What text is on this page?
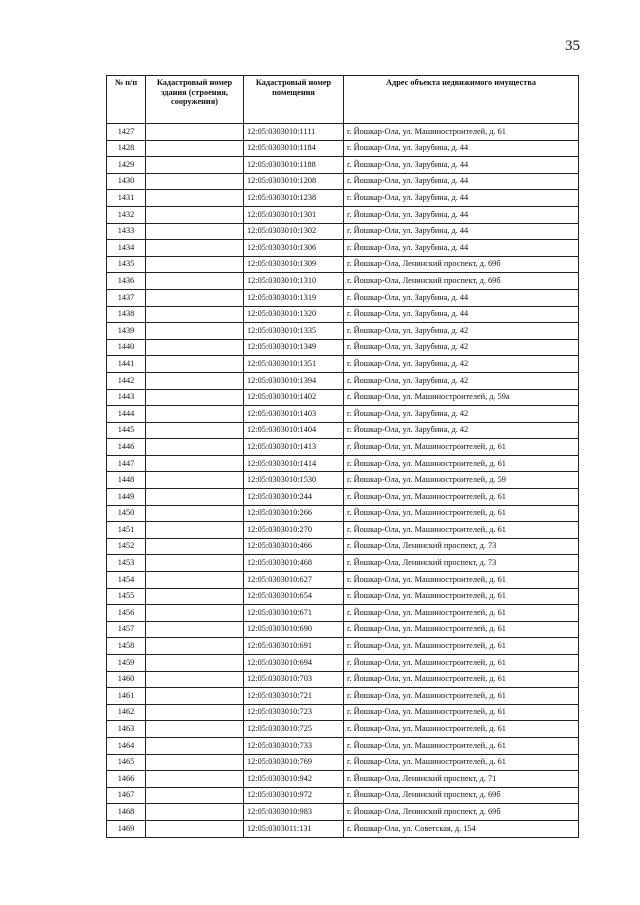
35
№ п/п	Кадастровый номер здания (строения, сооружения)	Кадастровый номер помещения	Адрес объекта недвижимого имущества
1427		12:05:0303010:1111	г. Йошкар-Ола, ул. Машиностроителей, д. 61
1428		12:05:0303010:1184	г. Йошкар-Ола, ул. Зарубина, д. 44
1429		12:05:0303010:1188	г. Йошкар-Ола, ул. Зарубина, д. 44
1430		12:05:0303010:1208	г. Йошкар-Ола, ул. Зарубина, д. 44
1431		12:05:0303010:1238	г. Йошкар-Ола, ул. Зарубина, д. 44
1432		12:05:0303010:1301	г. Йошкар-Ола, ул. Зарубина, д. 44
1433		12:05:0303010:1302	г. Йошкар-Ола, ул. Зарубина, д. 44
1434		12:05:0303010:1306	г. Йошкар-Ола, ул. Зарубина, д. 44
1435		12:05:0303010:1309	г. Йошкар-Ола, Ленинский проспект, д. 69б
1436		12:05:0303010:1310	г. Йошкар-Ола, Ленинский проспект, д. 69б
1437		12:05:0303010:1319	г. Йошкар-Ола, ул. Зарубина, д. 44
1438		12:05:0303010:1320	г. Йошкар-Ола, ул. Зарубина, д. 44
1439		12:05:0303010:1335	г. Йошкар-Ола, ул. Зарубина, д. 42
1440		12:05:0303010:1349	г. Йошкар-Ола, ул. Зарубина, д. 42
1441		12:05:0303010:1351	г. Йошкар-Ола, ул. Зарубина, д. 42
1442		12:05:0303010:1394	г. Йошкар-Ола, ул. Зарубина, д. 42
1443		12:05:0303010:1402	г. Йошкар-Ола, ул. Машиностроителей, д. 59а
1444		12:05:0303010:1403	г. Йошкар-Ола, ул. Зарубина, д. 42
1445		12:05:0303010:1404	г. Йошкар-Ола, ул. Зарубина, д. 42
1446		12:05:0303010:1413	г. Йошкар-Ола, ул. Машиностроителей, д. 61
1447		12:05:0303010:1414	г. Йошкар-Ола, ул. Машиностроителей, д. 61
1448		12:05:0303010:1530	г. Йошкар-Ола, ул. Машиностроителей, д. 59
1449		12:05:0303010:244	г. Йошкар-Ола, ул. Машиностроителей, д. 61
1450		12:05:0303010:266	г. Йошкар-Ола, ул. Машиностроителей, д. 61
1451		12:05:0303010:270	г. Йошкар-Ола, ул. Машиностроителей, д. 61
1452		12:05:0303010:466	г. Йошкар-Ола, Ленинский проспект, д. 73
1453		12:05:0303010:468	г. Йошкар-Ола, Ленинский проспект, д. 73
1454		12:05:0303010:627	г. Йошкар-Ола, ул. Машиностроителей, д. 61
1455		12:05:0303010:654	г. Йошкар-Ола, ул. Машиностроителей, д. 61
1456		12:05:0303010:671	г. Йошкар-Ола, ул. Машиностроителей, д. 61
1457		12:05:0303010:690	г. Йошкар-Ола, ул. Машиностроителей, д. 61
1458		12:05:0303010:691	г. Йошкар-Ола, ул. Машиностроителей, д. 61
1459		12:05:0303010:694	г. Йошкар-Ола, ул. Машиностроителей, д. 61
1460		12:05:0303010:703	г. Йошкар-Ола, ул. Машиностроителей, д. 61
1461		12:05:0303010:721	г. Йошкар-Ола, ул. Машиностроителей, д. 61
1462		12:05:0303010:723	г. Йошкар-Ола, ул. Машиностроителей, д. 61
1463		12:05:0303010:725	г. Йошкар-Ола, ул. Машиностроителей, д. 61
1464		12:05:0303010:733	г. Йошкар-Ола, ул. Машиностроителей, д. 61
1465		12:05:0303010:769	г. Йошкар-Ола, ул. Машиностроителей, д. 61
1466		12:05:0303010:942	г. Йошкар-Ола, Ленинский проспект, д. 71
1467		12:05:0303010:972	г. Йошкар-Ола, Ленинский проспект, д. 69б
1468		12:05:0303010:983	г. Йошкар-Ола, Ленинский проспект, д. 69б
1469		12:05:0303011:131	г. Йошкар-Ола, ул. Советская, д. 154
